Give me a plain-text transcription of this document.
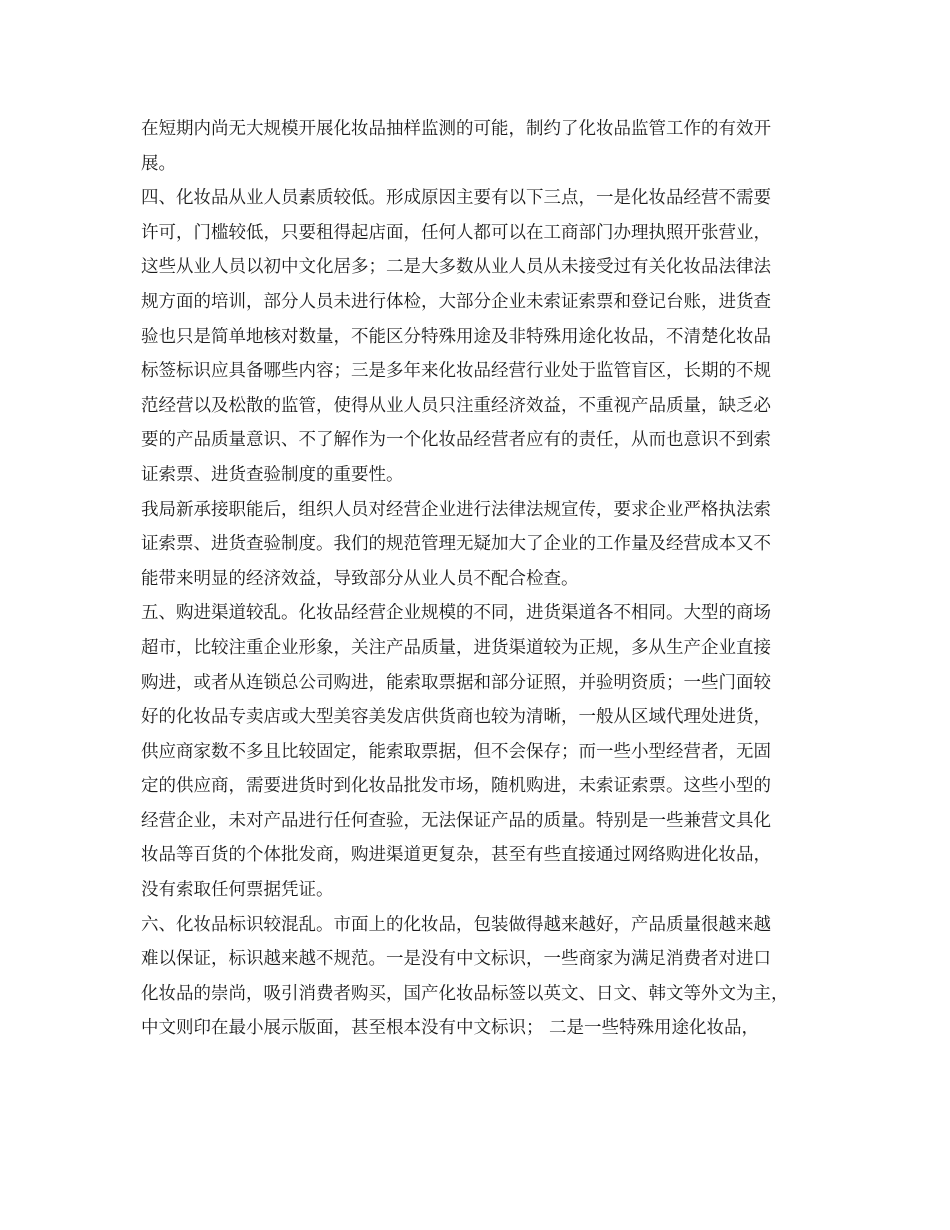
在短期内尚无大规模开展化妆品抽样监测的可能，制约了化妆品监管工作的有效开
展。
四、化妆品从业人员素质较低。形成原因主要有以下三点，一是化妆品经营不需要
许可，门槛较低，只要租得起店面，任何人都可以在工商部门办理执照开张营业，
这些从业人员以初中文化居多；二是大多数从业人员从未接受过有关化妆品法律法
规方面的培训，部分人员未进行体检，大部分企业未索证索票和登记台账，进货查
验也只是简单地核对数量，不能区分特殊用途及非特殊用途化妆品，不清楚化妆品
标签标识应具备哪些内容；三是多年来化妆品经营行业处于监管盲区，长期的不规
范经营以及松散的监管，使得从业人员只注重经济效益，不重视产品质量，缺乏必
要的产品质量意识、不了解作为一个化妆品经营者应有的责任，从而也意识不到索
证索票、进货查验制度的重要性。
我局新承接职能后，组织人员对经营企业进行法律法规宣传，要求企业严格执法索
证索票、进货查验制度。我们的规范管理无疑加大了企业的工作量及经营成本又不
能带来明显的经济效益，导致部分从业人员不配合检查。
五、购进渠道较乱。化妆品经营企业规模的不同，进货渠道各不相同。大型的商场
超市，比较注重企业形象，关注产品质量，进货渠道较为正规，多从生产企业直接
购进，或者从连锁总公司购进，能索取票据和部分证照，并验明资质；一些门面较
好的化妆品专卖店或大型美容美发店供货商也较为清晰，一般从区域代理处进货，
供应商家数不多且比较固定，能索取票据，但不会保存；而一些小型经营者，无固
定的供应商，需要进货时到化妆品批发市场，随机购进，未索证索票。这些小型的
经营企业，未对产品进行任何查验，无法保证产品的质量。特别是一些兼营文具化
妆品等百货的个体批发商，购进渠道更复杂，甚至有些直接通过网络购进化妆品，
没有索取任何票据凭证。
六、化妆品标识较混乱。市面上的化妆品，包装做得越来越好，产品质量很越来越
难以保证，标识越来越不规范。一是没有中文标识，一些商家为满足消费者对进口
化妆品的崇尚，吸引消费者购买，国产化妆品标签以英文、日文、韩文等外文为主，
中文则印在最小展示版面，甚至根本没有中文标识； 二是一些特殊用途化妆品，
